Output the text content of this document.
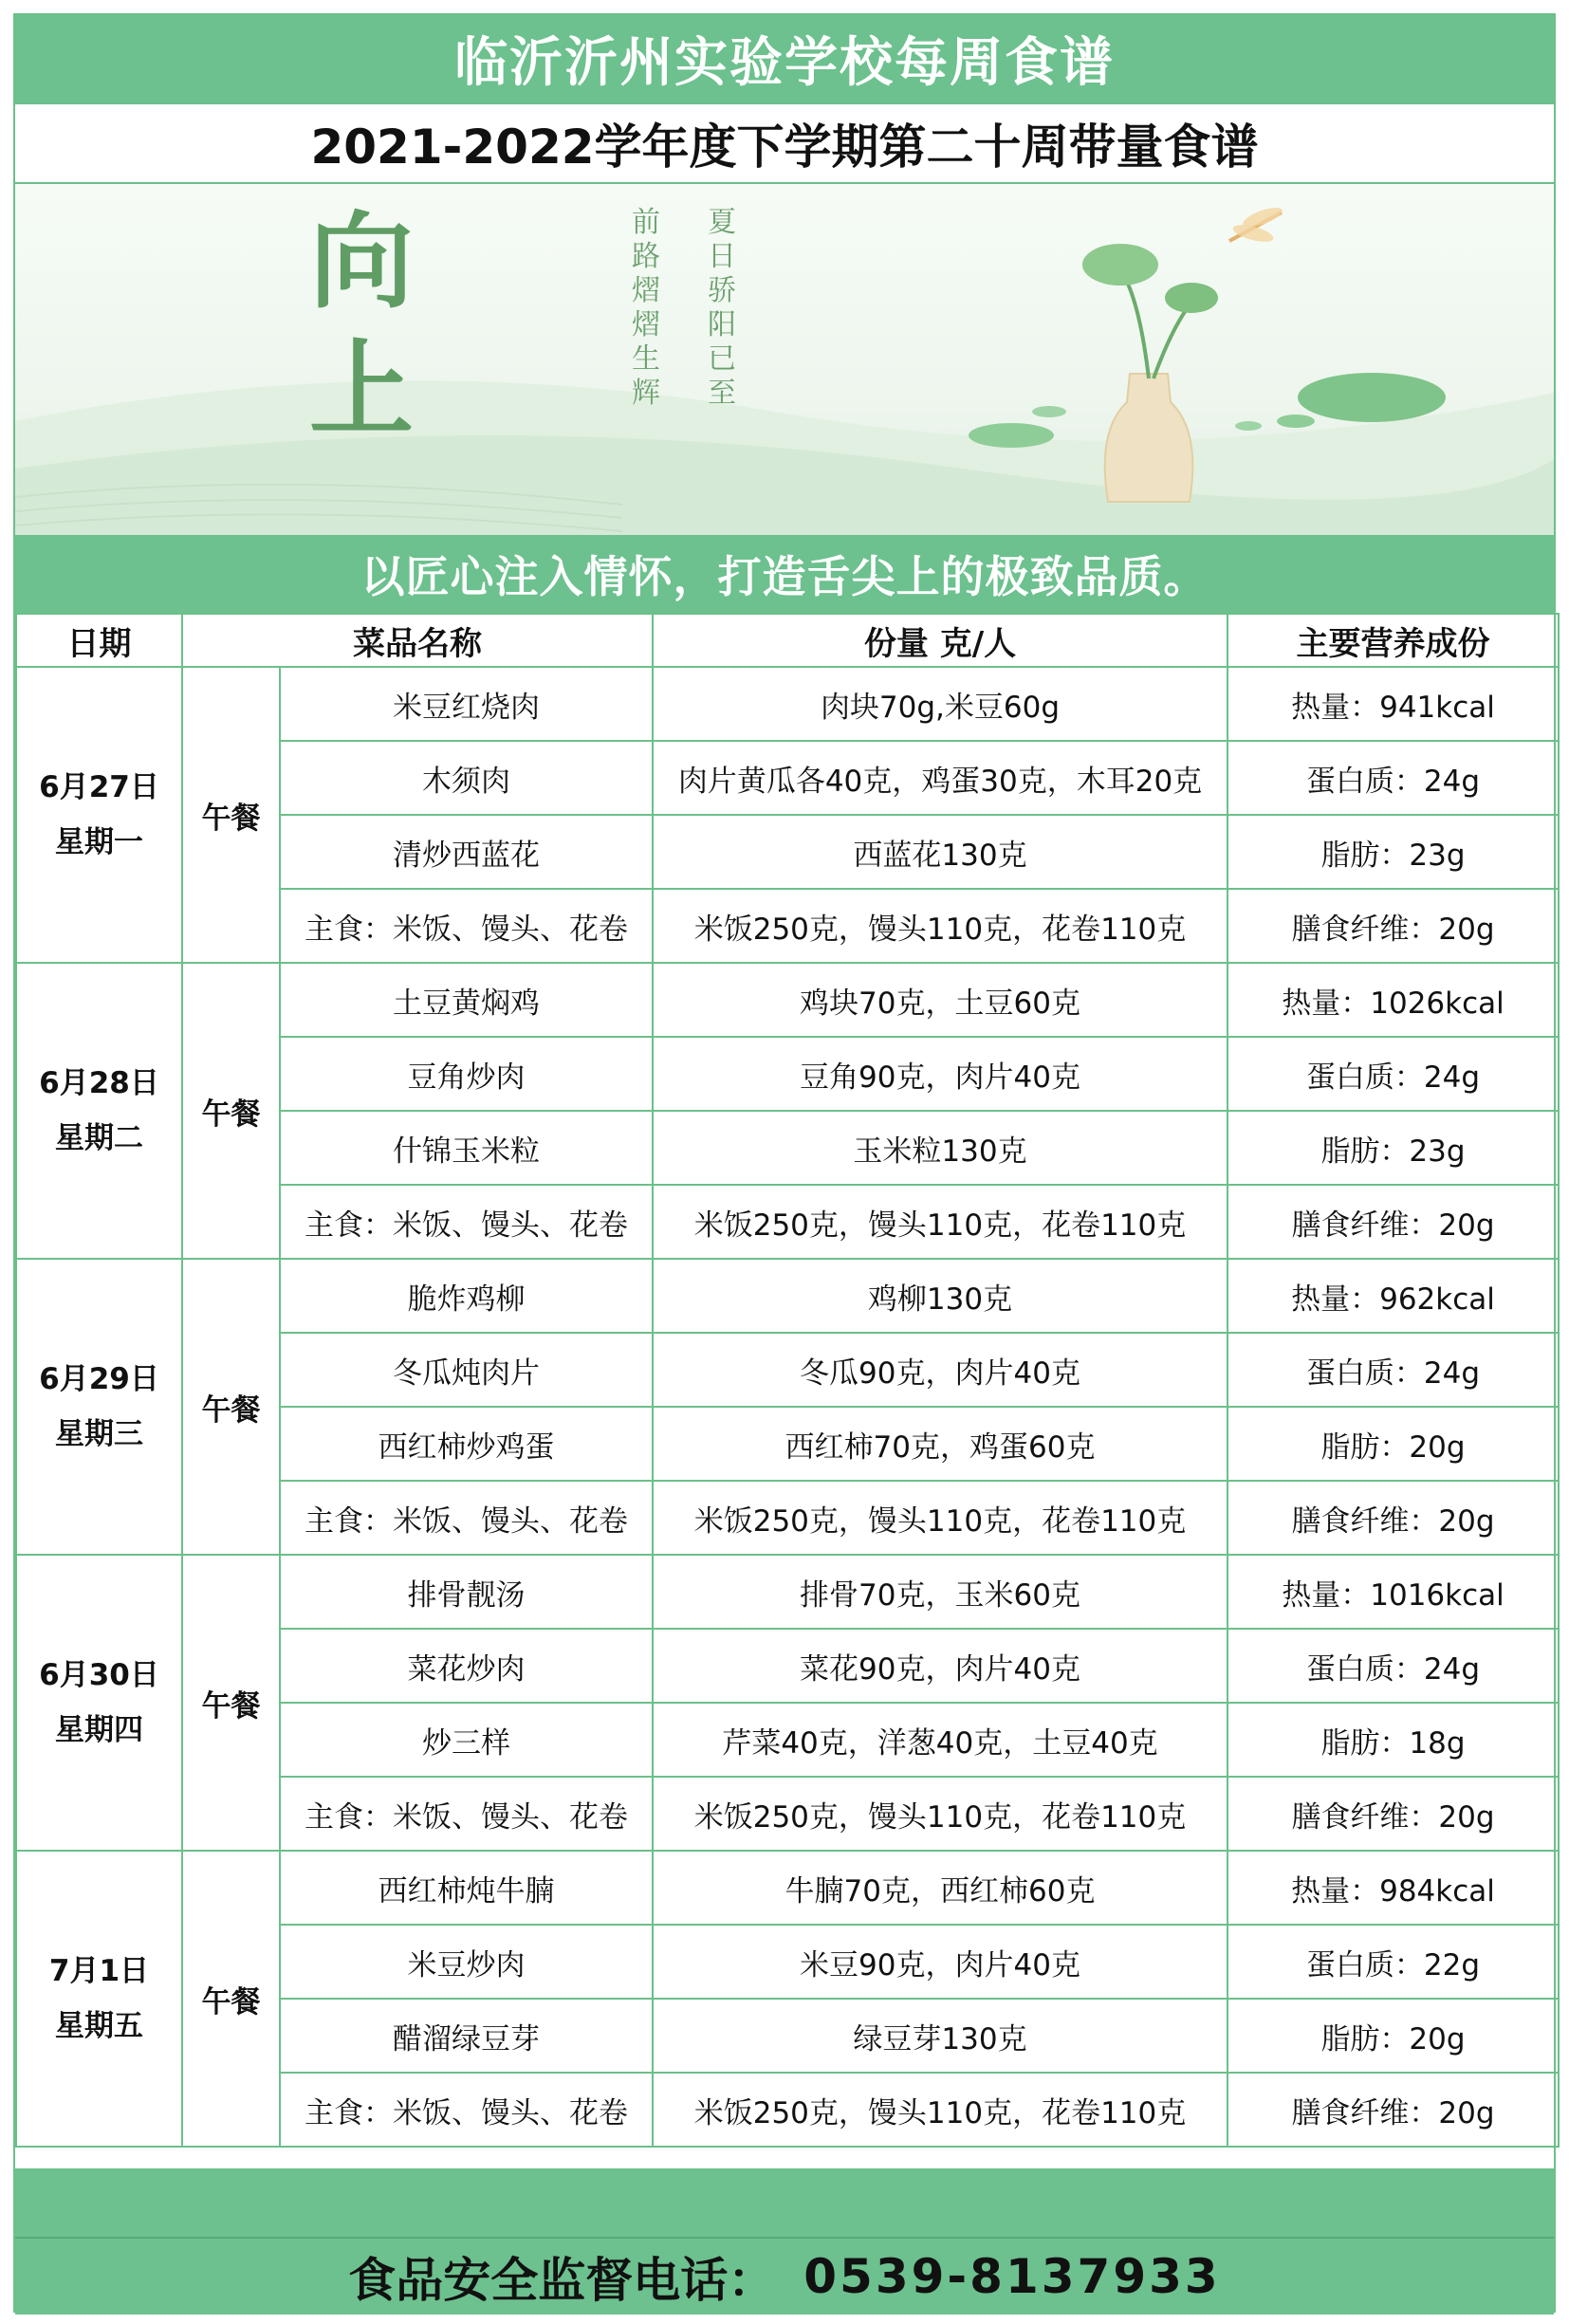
临沂沂州实验学校每周食谱
2021-2022学年度下学期第二十周带量食谱
向
上
前
路
熠
熠
生
辉
夏
日
骄
阳
已
至
以匠心注入情怀，打造舌尖上的极致品质。
日期	菜品名称		份量 克/人	主要营养成份

6月27日
星期一	午餐	米豆红烧肉	肉块70g,米豆60g	热量：941kcal
		木须肉	肉片黄瓜各40克，鸡蛋30克，木耳20克	蛋白质：24g
		清炒西蓝花	西蓝花130克	脂肪：23g
		主食：米饭、馒头、花卷	米饭250克，馒头110克，花卷110克	膳食纤维：20g

6月28日
星期二	午餐	土豆黄焖鸡	鸡块70克，土豆60克	热量：1026kcal
		豆角炒肉	豆角90克，肉片40克	蛋白质：24g
		什锦玉米粒	玉米粒130克	脂肪：23g
		主食：米饭、馒头、花卷	米饭250克，馒头110克，花卷110克	膳食纤维：20g

6月29日
星期三	午餐	脆炸鸡柳	鸡柳130克	热量：962kcal
		冬瓜炖肉片	冬瓜90克，肉片40克	蛋白质：24g
		西红柿炒鸡蛋	西红柿70克，鸡蛋60克	脂肪：20g
		主食：米饭、馒头、花卷	米饭250克，馒头110克，花卷110克	膳食纤维：20g

6月30日
星期四	午餐	排骨靓汤	排骨70克，玉米60克	热量：1016kcal
		菜花炒肉	菜花90克，肉片40克	蛋白质：24g
		炒三样	芹菜40克，洋葱40克，土豆40克	脂肪：18g
		主食：米饭、馒头、花卷	米饭250克，馒头110克，花卷110克	膳食纤维：20g

7月1日
星期五	午餐	西红柿炖牛腩	牛腩70克，西红柿60克	热量：984kcal
		米豆炒肉	米豆90克，肉片40克	蛋白质：22g
		醋溜绿豆芽	绿豆芽130克	脂肪：20g
		主食：米饭、馒头、花卷	米饭250克，馒头110克，花卷110克	膳食纤维：20g
食品安全监督电话： 0539-8137933
